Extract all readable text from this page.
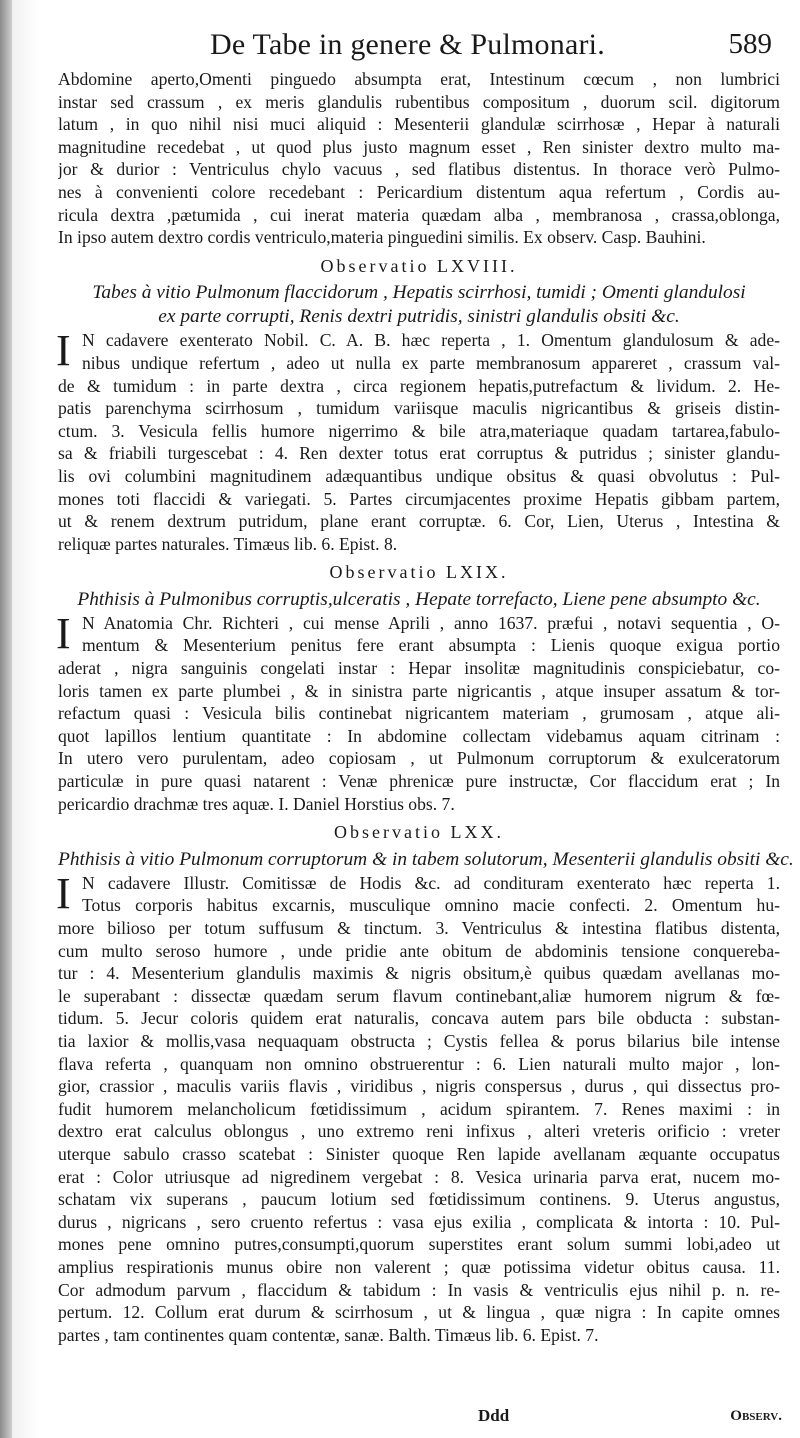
De Tabe in genere & Pulmonari.	589
Abdomine aperto,Omenti pinguedo absumpta erat, Intestinum cœcum , non lumbrici
instar sed crassum , ex meris glandulis rubentibus compositum , duorum scil. digitorum
latum , in quo nihil nisi muci aliquid : Mesenterii glandulæ scirrhosæ , Hepar à naturali
magnitudine recedebat , ut quod plus justo magnum esset , Ren sinister dextro multo ma-
jor & durior : Ventriculus chylo vacuus , sed flatibus distentus. In thorace verò Pulmo-
nes à convenienti colore recedebant : Pericardium distentum aqua refertum , Cordis au-
ricula dextra ,pætumida , cui inerat materia quædam alba , membranosa , crassa,oblonga,
In ipso autem dextro cordis ventriculo,materia pinguedini similis. Ex observ. Casp. Bauhini.
Observatio LXVIII.
Tabes à vitio Pulmonum flaccidorum , Hepatis scirrhosi, tumidi ; Omenti glandulosi
ex parte corrupti, Renis dextri putridis, sinistri glandulis obsiti &c.
I N cadavere exenterato Nobil. C. A. B. hæc reperta , 1. Omentum glandulosum & ade-
nibus undique refertum , adeo ut nulla ex parte membranosum appareret , crassum val-
de & tumidum : in parte dextra , circa regionem hepatis,putrefactum & lividum. 2. He-
patis parenchyma scirrhosum , tumidum variisque maculis nigricantibus & griseis distin-
ctum. 3. Vesicula fellis humore nigerrimo & bile atra,materiaque quadam tartarea,fabulo-
sa & friabili turgescebat : 4. Ren dexter totus erat corruptus & putridus ; sinister glandu-
lis ovi columbini magnitudinem adæquantibus undique obsitus & quasi obvolutus : Pul-
mones toti flaccidi & variegati. 5. Partes circumjacentes proxime Hepatis gibbam partem,
ut & renem dextrum putridum, plane erant corruptæ. 6. Cor, Lien, Uterus , Intestina &
reliquæ partes naturales. Timæus lib. 6. Epist. 8.
Observatio LXIX.
Phthisis à Pulmonibus corruptis,ulceratis , Hepate torrefacto, Liene pene absumpto &c.
I N Anatomia Chr. Richteri , cui mense Aprili , anno 1637. præfui , notavi sequentia , O-
mentum & Mesenterium penitus fere erant absumpta : Lienis quoque exigua portio
aderat , nigra sanguinis congelati instar : Hepar insolitæ magnitudinis conspiciebatur, co-
loris tamen ex parte plumbei , & in sinistra parte nigricantis , atque insuper assatum & tor-
refactum quasi : Vesicula bilis continebat nigricantem materiam , grumosam , atque ali-
quot lapillos lentium quantitate : In abdomine collectam videbamus aquam citrinam :
In utero vero purulentam, adeo copiosam , ut Pulmonum corruptorum & exulceratorum
particulæ in pure quasi natarent : Venæ phrenicæ pure instructæ, Cor flaccidum erat ; In
pericardio drachmæ tres aquæ. I. Daniel Horstius obs. 7.
Observatio LXX.
Phthisis à vitio Pulmonum corruptorum & in tabem solutorum, Mesenterii glandulis obsiti &c.
I N cadavere Illustr. Comitissæ de Hodis &c. ad condituram exenterato hæc reperta 1.
Totus corporis habitus excarnis, musculique omnino macie confecti. 2. Omentum hu-
more bilioso per totum suffusum & tinctum. 3. Ventriculus & intestina flatibus distenta,
cum multo seroso humore , unde pridie ante obitum de abdominis tensione conquereba-
tur : 4. Mesenterium glandulis maximis & nigris obsitum,è quibus quædam avellanas mo-
le superabant : dissectæ quædam serum flavum continebant,aliæ humorem nigrum & fœ-
tidum. 5. Jecur coloris quidem erat naturalis, concava autem pars bile obducta : substan-
tia laxior & mollis,vasa nequaquam obstructa ; Cystis fellea & porus bilarius bile intense
flava referta , quanquam non omnino obstruerentur : 6. Lien naturali multo major , lon-
gior, crassior , maculis variis flavis , viridibus , nigris conspersus , durus , qui dissectus pro-
fudit humorem melancholicum fœtidissimum , acidum spirantem. 7. Renes maximi : in
dextro erat calculus oblongus , uno extremo reni infixus , alteri vreteris orificio : vreter
uterque sabulo crasso scatebat : Sinister quoque Ren lapide avellanam æquante occupatus
erat : Color utriusque ad nigredinem vergebat : 8. Vesica urinaria parva erat, nucem mo-
schatam vix superans , paucum lotium sed fœtidissimum continens. 9. Uterus angustus,
durus , nigricans , sero cruento refertus : vasa ejus exilia , complicata & intorta : 10. Pul-
mones pene omnino putres,consumpti,quorum superstites erant solum summi lobi,adeo ut
amplius respirationis munus obire non valerent ; quæ potissima videtur obitus causa. 11.
Cor admodum parvum , flaccidum & tabidum : In vasis & ventriculis ejus nihil p. n. re-
pertum. 12. Collum erat durum & scirrhosum , ut & lingua , quæ nigra : In capite omnes
partes , tam continentes quam contentæ, sanæ. Balth. Timæus lib. 6. Epist. 7.
Ddd	Observ.
